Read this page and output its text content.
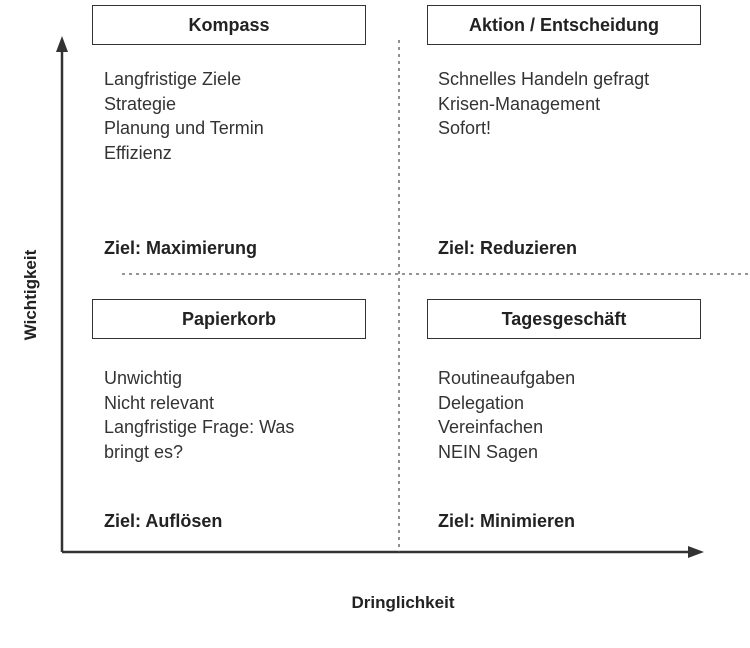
Kompass
Langfristige Ziele
Strategie
Planung und Termin
Effizienz
Ziel: Maximierung
Aktion / Entscheidung
Schnelles Handeln gefragt
Krisen-Management
Sofort!
Ziel: Reduzieren
Papierkorb
Unwichtig
Nicht relevant
Langfristige Frage: Was
bringt es?
Ziel: Auflösen
Tagesgeschäft
Routineaufgaben
Delegation
Vereinfachen
NEIN Sagen
Ziel: Minimieren
Wichtigkeit
Dringlichkeit
